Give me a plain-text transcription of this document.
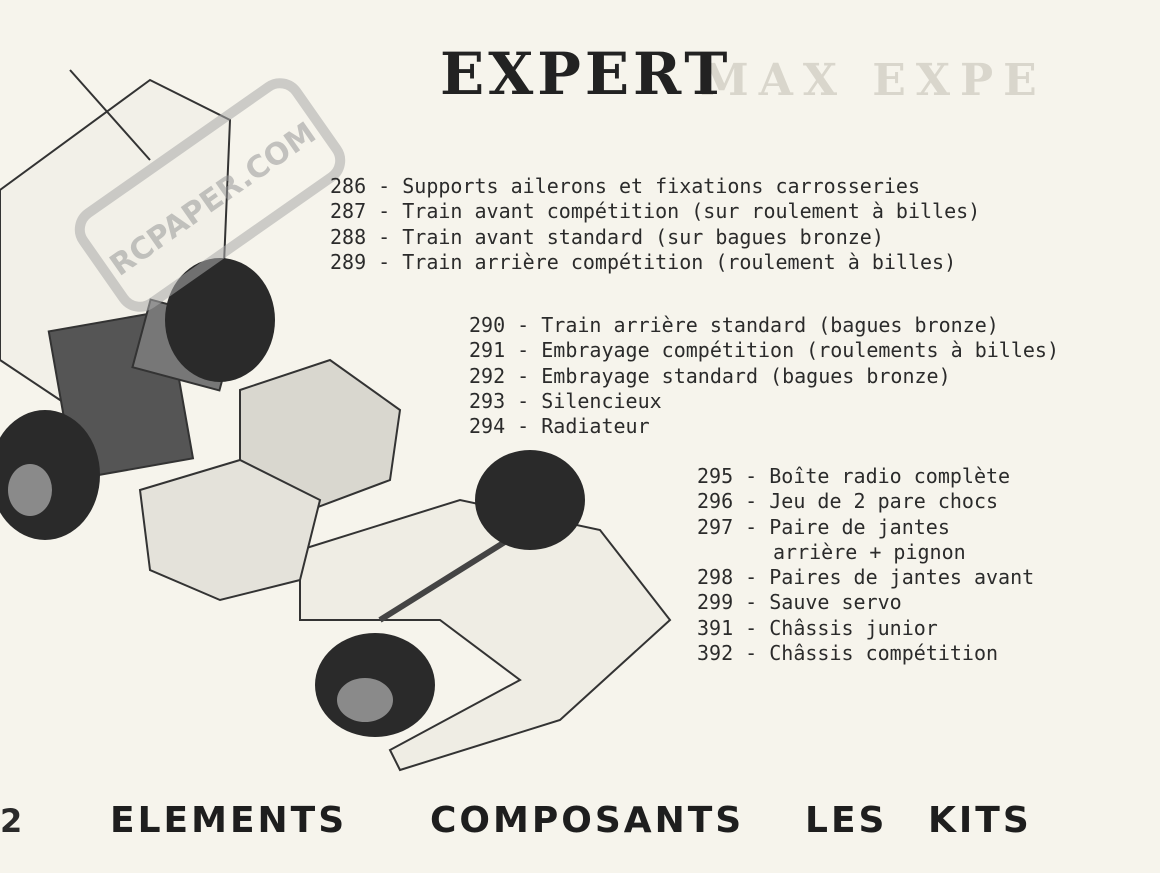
MAX EXPE
RCPAPER.COM
EXPERT
286 - Supports ailerons et fixations carrosseries
287 - Train avant compétition (sur roulement à billes)
288 - Train avant standard (sur bagues bronze)
289 - Train arrière compétition (roulement à billes)
290 - Train arrière standard (bagues bronze)
291 - Embrayage compétition (roulements à billes)
292 - Embrayage standard (bagues bronze)
293 - Silencieux
294 - Radiateur
295 - Boîte radio complète
296 - Jeu de 2 pare chocs
297 - Paire de jantes
arrière + pignon
298 - Paires de jantes avant
299 - Sauve servo
391 - Châssis junior
392 - Châssis compétition
2 ELEMENTS COMPOSANTS LES KITS
